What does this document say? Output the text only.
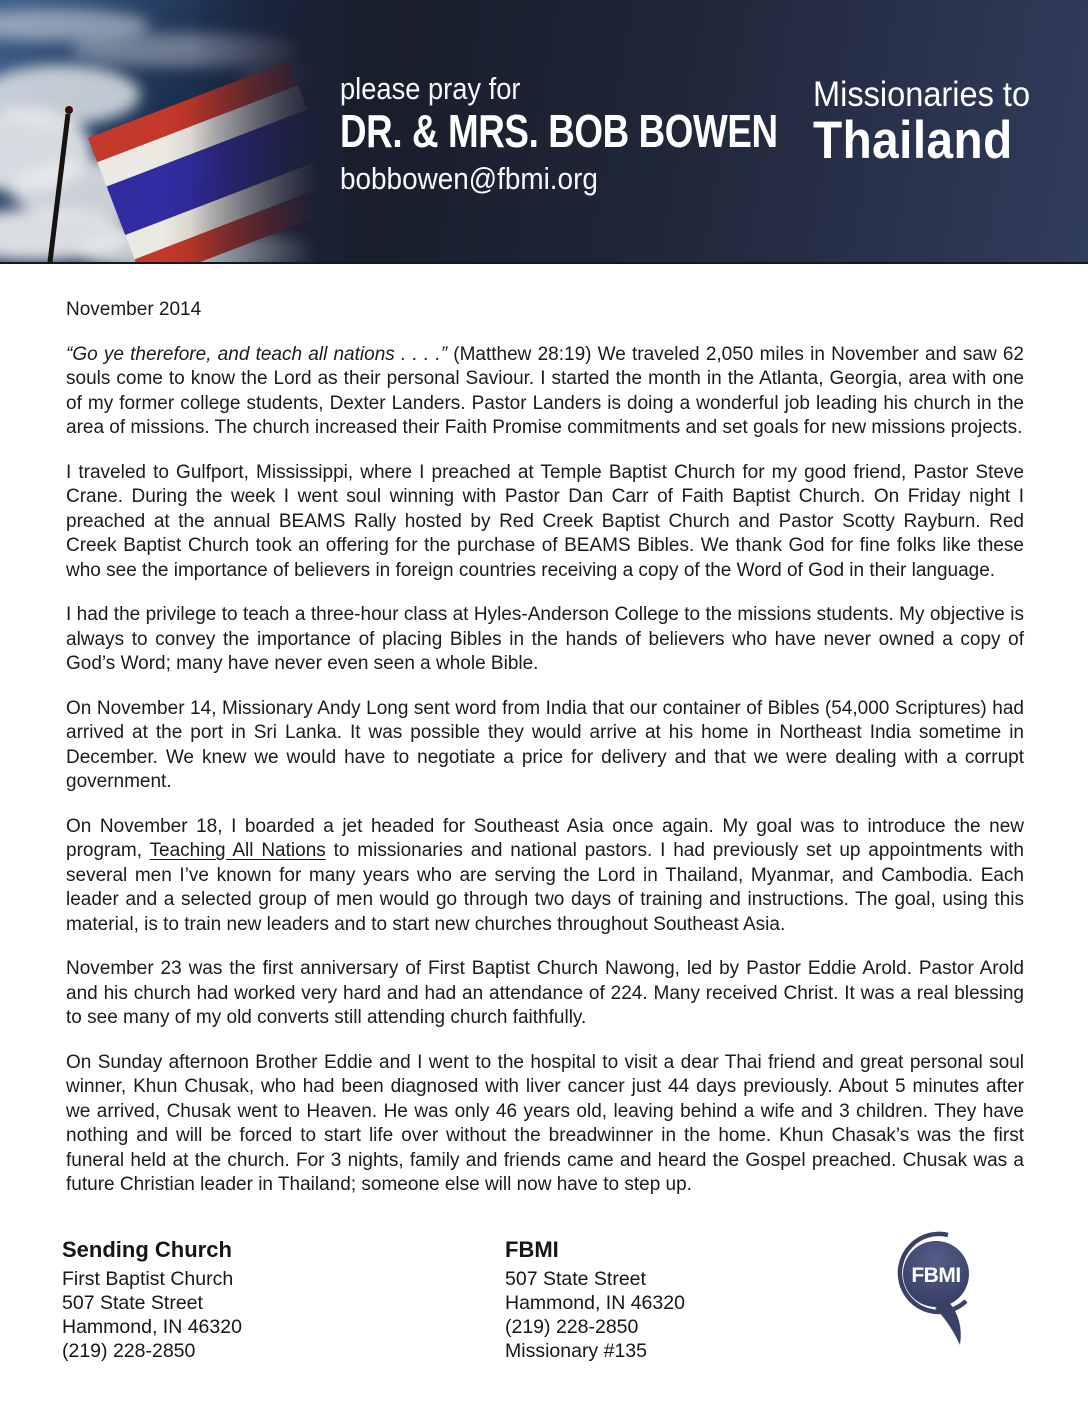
please pray for
DR. & MRS. BOB BOWEN
bobbowen@fbmi.org
Missionaries to
Thailand

November 2014

“Go ye therefore, and teach all nations . . . .” (Matthew 28:19) We traveled 2,050 miles in November and saw 62 souls come to know the Lord as their personal Saviour. I started the month in the Atlanta, Georgia, area with one of my former college students, Dexter Landers. Pastor Landers is doing a wonderful job leading his church in the area of missions. The church increased their Faith Promise commitments and set goals for new missions projects.

I traveled to Gulfport, Mississippi, where I preached at Temple Baptist Church for my good friend, Pastor Steve Crane. During the week I went soul winning with Pastor Dan Carr of Faith Baptist Church. On Friday night I preached at the annual BEAMS Rally hosted by Red Creek Baptist Church and Pastor Scotty Rayburn. Red Creek Baptist Church took an offering for the purchase of BEAMS Bibles. We thank God for fine folks like these who see the importance of believers in foreign countries receiving a copy of the Word of God in their language.

I had the privilege to teach a three-hour class at Hyles-Anderson College to the missions students. My objective is always to convey the importance of placing Bibles in the hands of believers who have never owned a copy of God’s Word; many have never even seen a whole Bible.

On November 14, Missionary Andy Long sent word from India that our container of Bibles (54,000 Scriptures) had arrived at the port in Sri Lanka. It was possible they would arrive at his home in Northeast India sometime in December. We knew we would have to negotiate a price for delivery and that we were dealing with a corrupt government.

On November 18, I boarded a jet headed for Southeast Asia once again. My goal was to introduce the new program, Teaching All Nations to missionaries and national pastors. I had previously set up appointments with several men I’ve known for many years who are serving the Lord in Thailand, Myanmar, and Cambodia. Each leader and a selected group of men would go through two days of training and instructions. The goal, using this material, is to train new leaders and to start new churches throughout Southeast Asia.

November 23 was the first anniversary of First Baptist Church Nawong, led by Pastor Eddie Arold. Pastor Arold and his church had worked very hard and had an attendance of 224. Many received Christ. It was a real blessing to see many of my old converts still attending church faithfully.

On Sunday afternoon Brother Eddie and I went to the hospital to visit a dear Thai friend and great personal soul winner, Khun Chusak, who had been diagnosed with liver cancer just 44 days previously. About 5 minutes after we arrived, Chusak went to Heaven. He was only 46 years old, leaving behind a wife and 3 children. They have nothing and will be forced to start life over without the breadwinner in the home. Khun Chasak’s was the first funeral held at the church. For 3 nights, family and friends came and heard the Gospel preached. Chusak was a future Christian leader in Thailand; someone else will now have to step up.

Sending Church
First Baptist Church
507 State Street
Hammond, IN 46320
(219) 228-2850
FBMI
507 State Street
Hammond, IN 46320
(219) 228-2850
Missionary #135
FBMI
